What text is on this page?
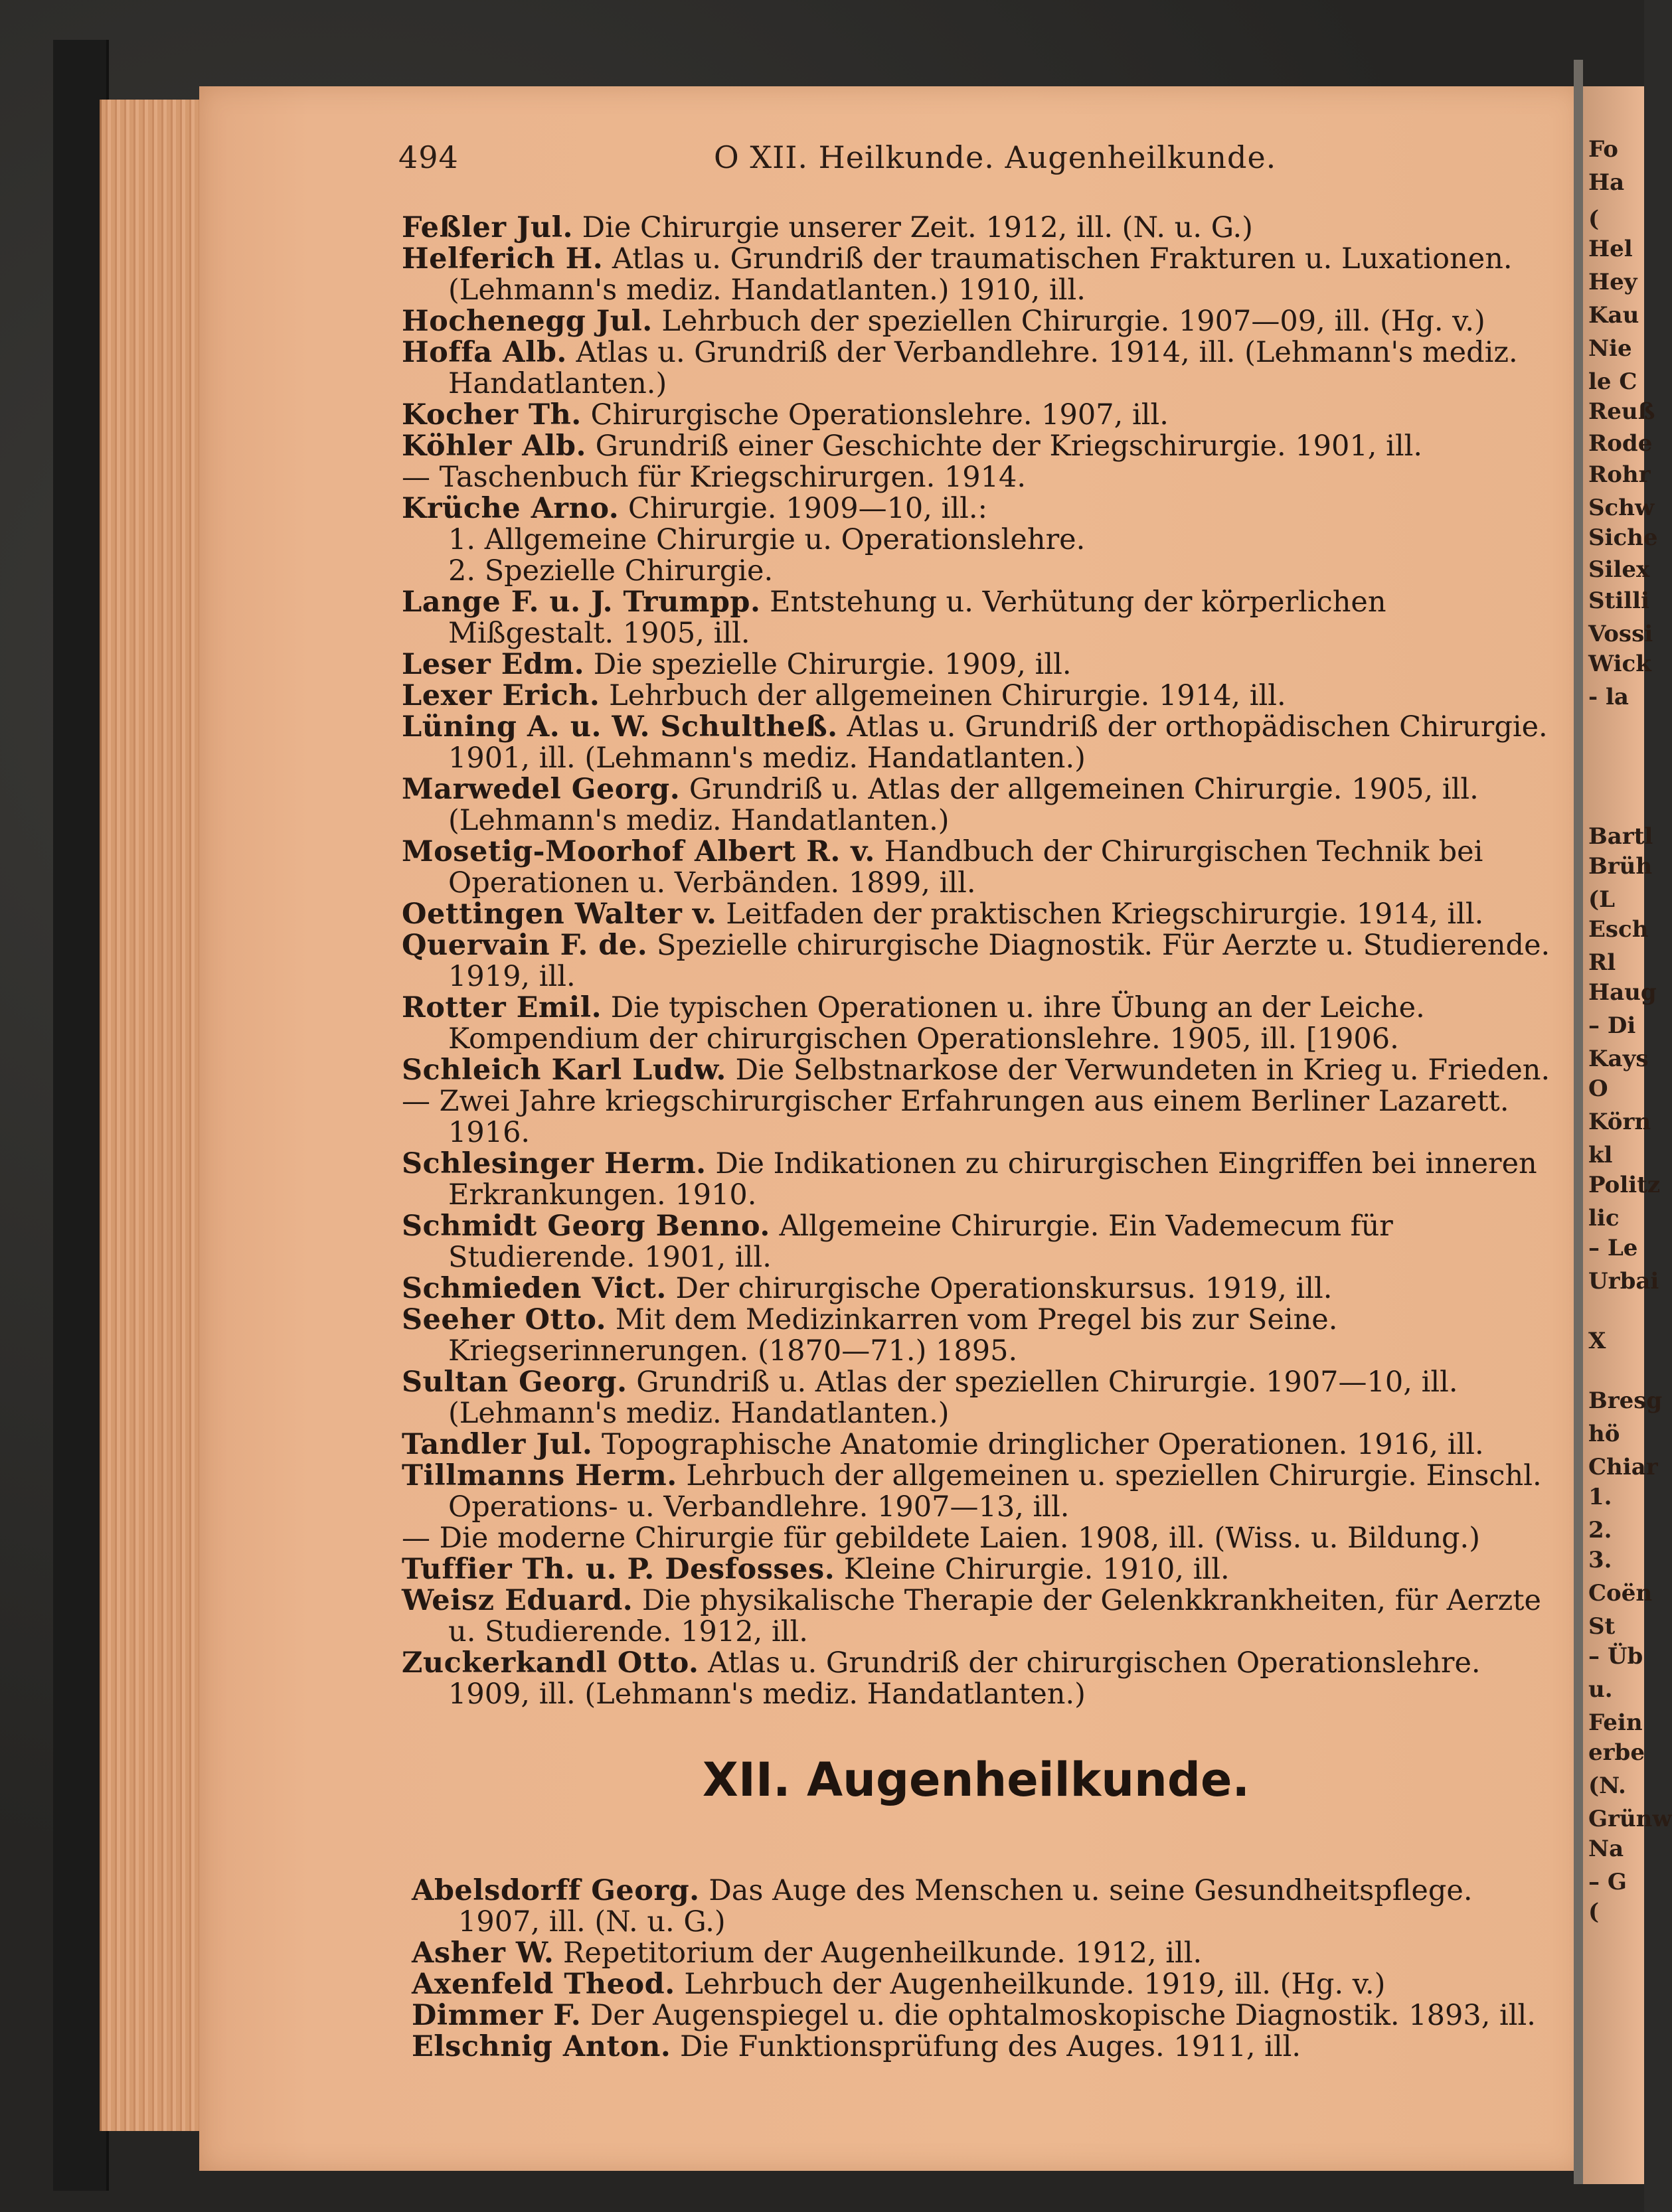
Fo
Ha
(
Hel
Hey
Kau
Nie
le C
Reuß
Rode
Rohr
Schw
Siche
Silex
Stilli
Vossi
Wick
- la
Bartl
Brüh
(L
Esch
Rl
Haug
– Di
Kays
O
Körn
kl
Politz
lic
– Le
Urbai
X
Bresg
hö
Chiar
1.
2.
3.
Coën
St
– Üb
u.
Fein
erbe
(N.
Grünw
Na
– G
(
494	O XII. Heilkunde. Augenheilkunde.

Feßler Jul. Die Chirurgie unserer Zeit. 1912, ill. (N. u. G.)

Helferich H. Atlas u. Grundriß der traumatischen Frakturen u. Luxationen. (Lehmann's mediz. Handatlanten.) 1910, ill.

Hochenegg Jul. Lehrbuch der speziellen Chirurgie. 1907—09, ill. (Hg. v.)

Hoffa Alb. Atlas u. Grundriß der Verbandlehre. 1914, ill. (Lehmann's mediz. Handatlanten.)

Kocher Th. Chirurgische Operationslehre. 1907, ill.

Köhler Alb. Grundriß einer Geschichte der Kriegschirurgie. 1901, ill.

— Taschenbuch für Kriegschirurgen. 1914.

Krüche Arno. Chirurgie. 1909—10, ill.:

1. Allgemeine Chirurgie u. Operationslehre.

2. Spezielle Chirurgie.

Lange F. u. J. Trumpp. Entstehung u. Verhütung der körperlichen Mißgestalt. 1905, ill.

Leser Edm. Die spezielle Chirurgie. 1909, ill.

Lexer Erich. Lehrbuch der allgemeinen Chirurgie. 1914, ill.

Lüning A. u. W. Schultheß. Atlas u. Grundriß der orthopädischen Chirurgie. 1901, ill. (Lehmann's mediz. Handatlanten.)

Marwedel Georg. Grundriß u. Atlas der allgemeinen Chirurgie. 1905, ill. (Lehmann's mediz. Handatlanten.)

Mosetig-Moorhof Albert R. v. Handbuch der Chirurgischen Technik bei Operationen u. Verbänden. 1899, ill.

Oettingen Walter v. Leitfaden der praktischen Kriegschirurgie. 1914, ill.

Quervain F. de. Spezielle chirurgische Diagnostik. Für Aerzte u. Studierende. 1919, ill.

Rotter Emil. Die typischen Operationen u. ihre Übung an der Leiche. Kompendium der chirurgischen Operationslehre. 1905, ill. [1906.

Schleich Karl Ludw. Die Selbstnarkose der Verwundeten in Krieg u. Frieden.

— Zwei Jahre kriegschirurgischer Erfahrungen aus einem Berliner Lazarett. 1916.

Schlesinger Herm. Die Indikationen zu chirurgischen Eingriffen bei inneren Erkrankungen. 1910.

Schmidt Georg Benno. Allgemeine Chirurgie. Ein Vademecum für Studierende. 1901, ill.

Schmieden Vict. Der chirurgische Operationskursus. 1919, ill.

Seeher Otto. Mit dem Medizinkarren vom Pregel bis zur Seine. Kriegserinnerungen. (1870—71.) 1895.

Sultan Georg. Grundriß u. Atlas der speziellen Chirurgie. 1907—10, ill. (Lehmann's mediz. Handatlanten.)

Tandler Jul. Topographische Anatomie dringlicher Operationen. 1916, ill.

Tillmanns Herm. Lehrbuch der allgemeinen u. speziellen Chirurgie. Einschl. Operations- u. Verbandlehre. 1907—13, ill.

— Die moderne Chirurgie für gebildete Laien. 1908, ill. (Wiss. u. Bildung.)

Tuffier Th. u. P. Desfosses. Kleine Chirurgie. 1910, ill.

Weisz Eduard. Die physikalische Therapie der Gelenkkrankheiten, für Aerzte u. Studierende. 1912, ill.

Zuckerkandl Otto. Atlas u. Grundriß der chirurgischen Operationslehre. 1909, ill. (Lehmann's mediz. Handatlanten.)

XII. Augenheilkunde.

Abelsdorff Georg. Das Auge des Menschen u. seine Gesundheitspflege. 1907, ill. (N. u. G.)

Asher W. Repetitorium der Augenheilkunde. 1912, ill.

Axenfeld Theod. Lehrbuch der Augenheilkunde. 1919, ill. (Hg. v.)

Dimmer F. Der Augenspiegel u. die ophtalmoskopische Diagnostik. 1893, ill.

Elschnig Anton. Die Funktionsprüfung des Auges. 1911, ill.
